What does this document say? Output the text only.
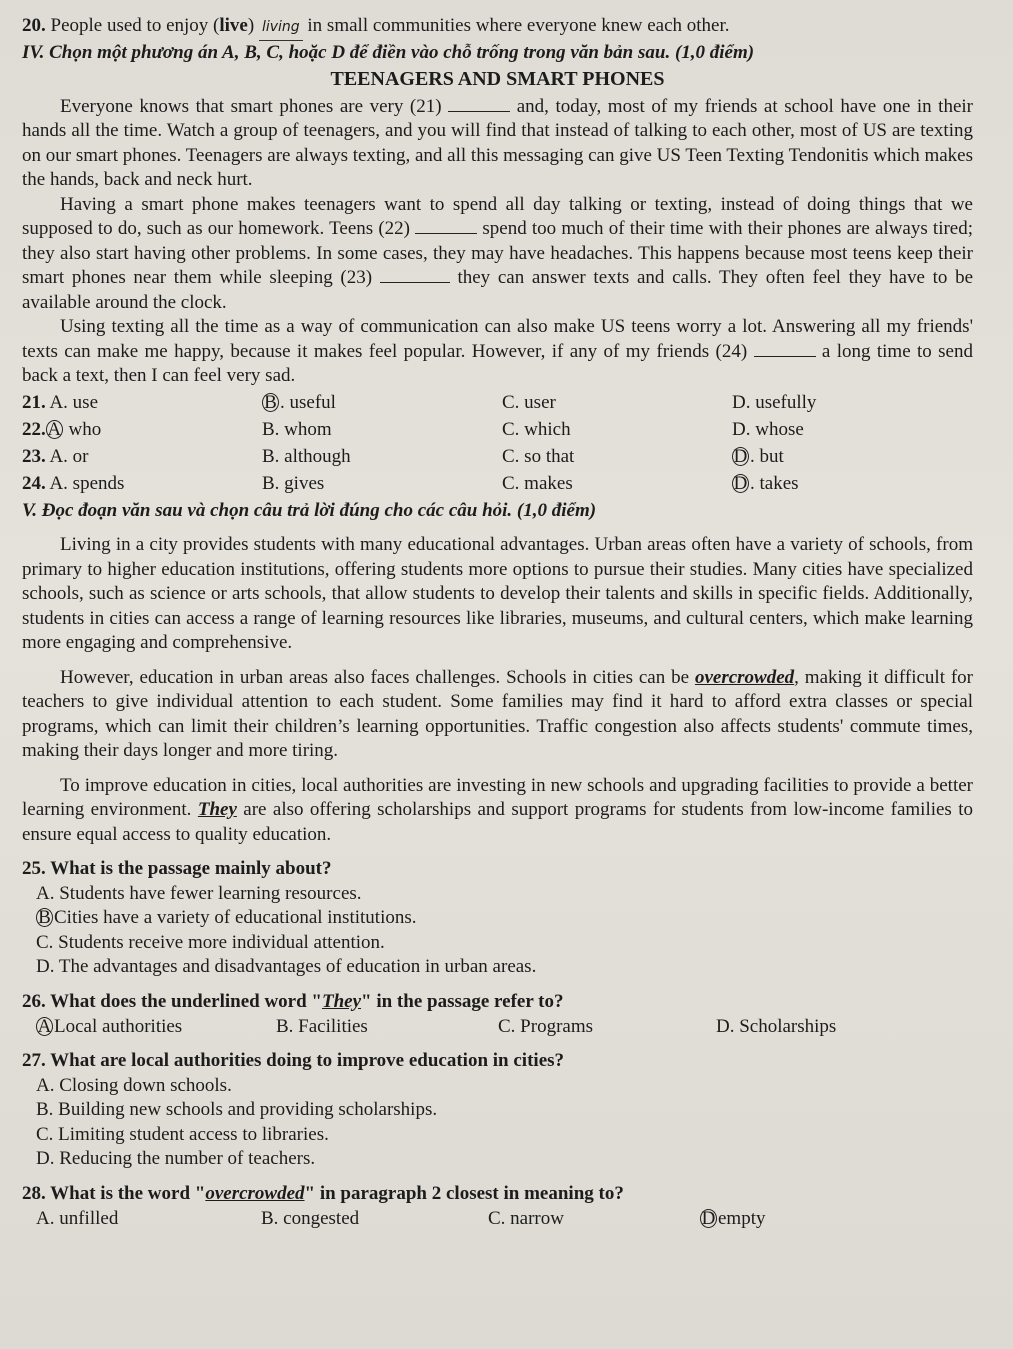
20. People used to enjoy (live) living in small communities where everyone knew each other.

IV. Chọn một phương án A, B, C, hoặc D để điền vào chỗ trống trong văn bản sau. (1,0 điểm)

TEENAGERS AND SMART PHONES

Everyone knows that smart phones are very (21)	and, today, most of my friends at school have one in their hands all the time. Watch a group of teenagers, and you will find that instead of talking to each other, most of US are texting on our smart phones. Teenagers are always texting, and all this messaging can give US Teen Texting Tendonitis which makes the hands, back and neck hurt.

Having a smart phone makes teenagers want to spend all day talking or texting, instead of doing things that we supposed to do, such as our homework. Teens (22)	spend too much of their time with their phones are always tired; they also start having other problems. In some cases, they may have headaches. This happens because most teens keep their smart phones near them while sleeping (23)	they can answer texts and calls. They often feel they have to be available around the clock.

Using texting all the time as a way of communication can also make US teens worry a lot. Answering all my friends' texts can make me happy, because it makes feel popular. However, if any of my friends (24)	a long time to send back a text, then I can feel very sad.

21. A. use	B . useful	C. user	D. usefully
22.A who	B. whom	C. which	D. whose
23. A. or	B. although	C. so that	D . but
24. A. spends	B. gives	C. makes	D . takes

V. Đọc đoạn văn sau và chọn câu trả lời đúng cho các câu hỏi. (1,0 điểm)

Living in a city provides students with many educational advantages. Urban areas often have a variety of schools, from primary to higher education institutions, offering students more options to pursue their studies. Many cities have specialized schools, such as science or arts schools, that allow students to develop their talents and skills in specific fields. Additionally, students in cities can access a range of learning resources like libraries, museums, and cultural centers, which make learning more engaging and comprehensive.

However, education in urban areas also faces challenges. Schools in cities can be overcrowded, making it difficult for teachers to give individual attention to each student. Some families may find it hard to afford extra classes or special programs, which can limit their children’s learning opportunities. Traffic congestion also affects students' commute times, making their days longer and more tiring.

To improve education in cities, local authorities are investing in new schools and upgrading facilities to provide a better learning environment. They are also offering scholarships and support programs for students from low-income families to ensure equal access to quality education.

25. What is the passage mainly about?

A. Students have fewer learning resources.

B Cities have a variety of educational institutions.

C. Students receive more individual attention.

D. The advantages and disadvantages of education in urban areas.

26. What does the underlined word "They" in the passage refer to?

A Local authorities	B. Facilities	C. Programs	D. Scholarships

27. What are local authorities doing to improve education in cities?

A. Closing down schools.

B. Building new schools and providing scholarships.

C. Limiting student access to libraries.

D. Reducing the number of teachers.

28. What is the word "overcrowded" in paragraph 2 closest in meaning to?

A. unfilled	B. congested	C. narrow	D empty
